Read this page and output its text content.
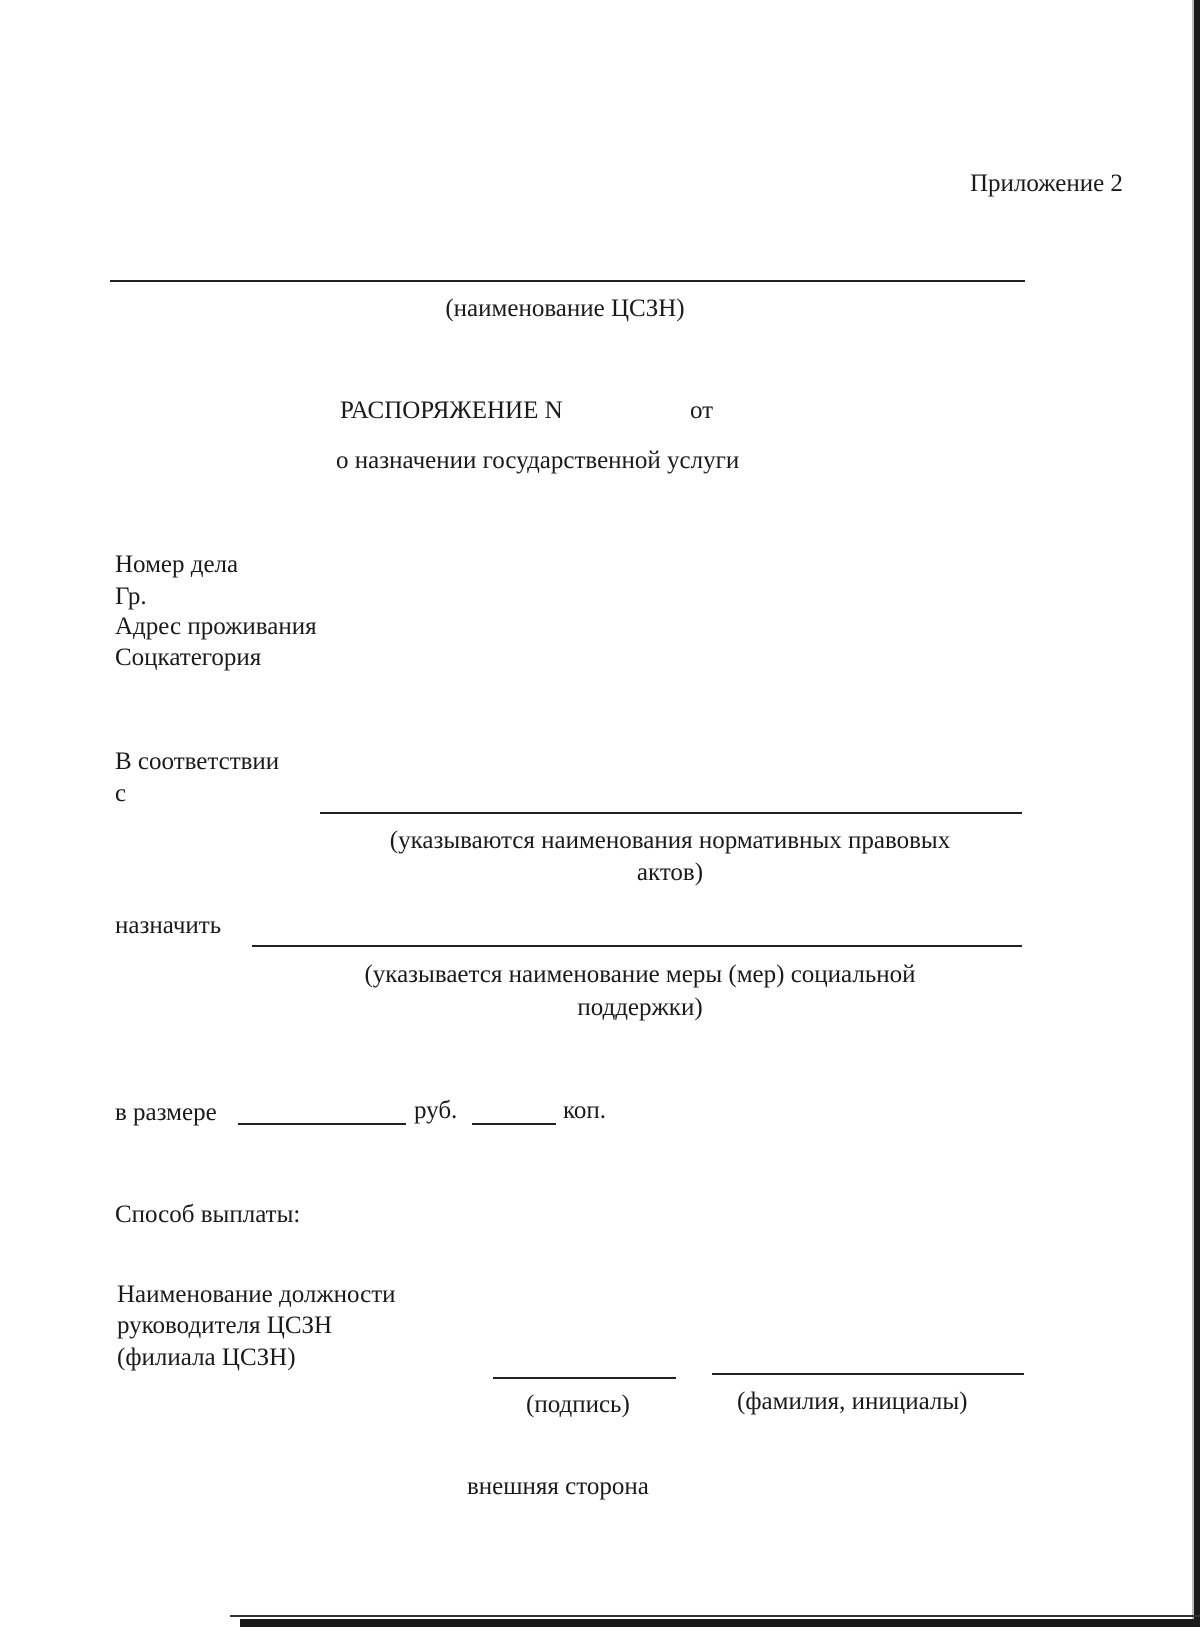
Приложение 2
(наименование ЦСЗН)
РАСПОРЯЖЕНИЕ N	от
о назначении государственной услуги
Номер дела
Гр.
Адрес проживания
Соцкатегория
В соответствии
с
(указываются наименования нормативных правовых
актов)
назначить
(указывается наименование меры (мер) социальной
поддержки)
в размере	руб.	коп.
Способ выплаты:
Наименование должности
руководителя ЦСЗН
(филиала ЦСЗН)
(подпись)	(фамилия, инициалы)
внешняя сторона
